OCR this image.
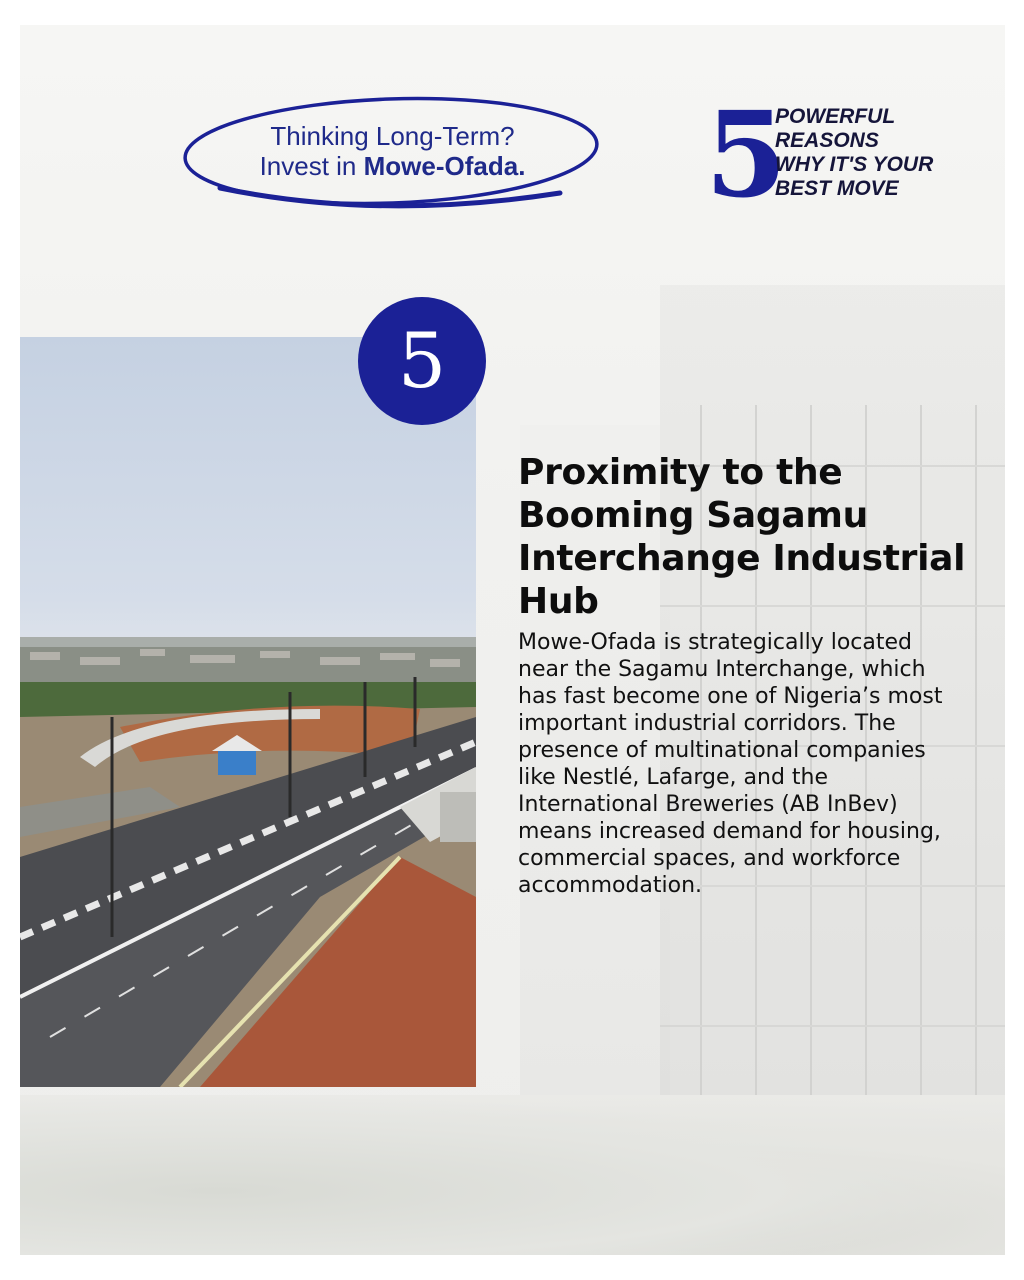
Thinking Long-Term?
Invest in Mowe-Ofada.	5
POWERFUL
REASONS
WHY IT'S YOUR
BEST MOVE
5
Proximity to the Booming Sagamu Interchange Industrial Hub
Mowe-Ofada is strategically located near the Sagamu Interchange, which has fast become one of Nigeria’s most important industrial corridors. The presence of multinational companies like Nestlé, Lafarge, and the International Breweries (AB InBev) means increased demand for housing, commercial spaces, and workforce accommodation.
